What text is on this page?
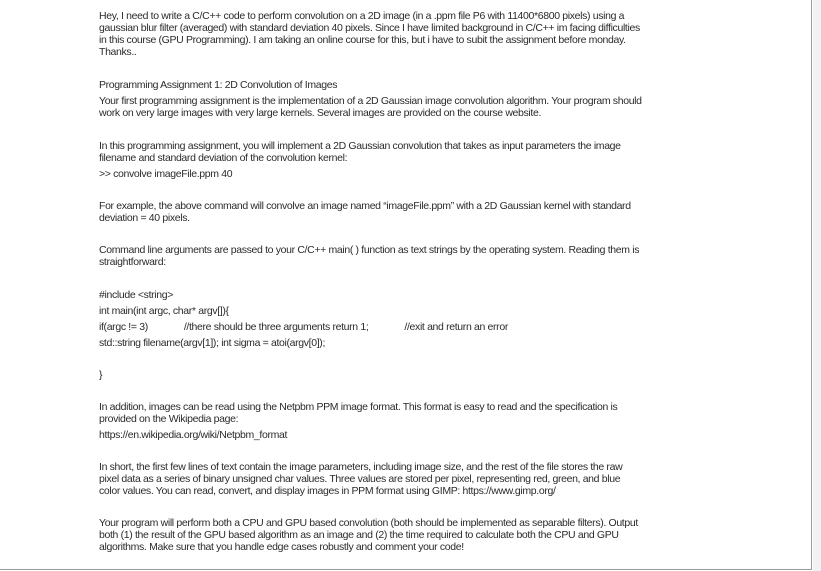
Hey, I need to write a C/C++ code to perform convolution on a 2D image (in a .ppm file P6 with 11400*6800 pixels) using a
gaussian blur filter (averaged) with standard deviation 40 pixels. Since I have limited background in C/C++ im facing difficulties
in this course (GPU Programming). I am taking an online course for this, but i have to subit the assignment before monday.
Thanks..
Programming Assignment 1: 2D Convolution of Images
Your first programming assignment is the implementation of a 2D Gaussian image convolution algorithm. Your program should
work on very large images with very large kernels. Several images are provided on the course website.
In this programming assignment, you will implement a 2D Gaussian convolution that takes as input parameters the image
filename and standard deviation of the convolution kernel:
>> convolve imageFile.ppm 40
For example, the above command will convolve an image named “imageFile.ppm” with a 2D Gaussian kernel with standard
deviation = 40 pixels.
Command line arguments are passed to your C/C++ main( ) function as text strings by the operating system. Reading them is
straightforward:
#include <string>
int main(int argc, char* argv[]){
if(argc != 3)	//there should be three arguments return 1;	//exit and return an error
std::string filename(argv[1]); int sigma = atoi(argv[0]);
}
In addition, images can be read using the Netpbm PPM image format. This format is easy to read and the specification is
provided on the Wikipedia page:
https://en.wikipedia.org/wiki/Netpbm_format
In short, the first few lines of text contain the image parameters, including image size, and the rest of the file stores the raw
pixel data as a series of binary unsigned char values. Three values are stored per pixel, representing red, green, and blue
color values. You can read, convert, and display images in PPM format using GIMP: https://www.gimp.org/
Your program will perform both a CPU and GPU based convolution (both should be implemented as separable filters). Output
both (1) the result of the GPU based algorithm as an image and (2) the time required to calculate both the CPU and GPU
algorithms. Make sure that you handle edge cases robustly and comment your code!
